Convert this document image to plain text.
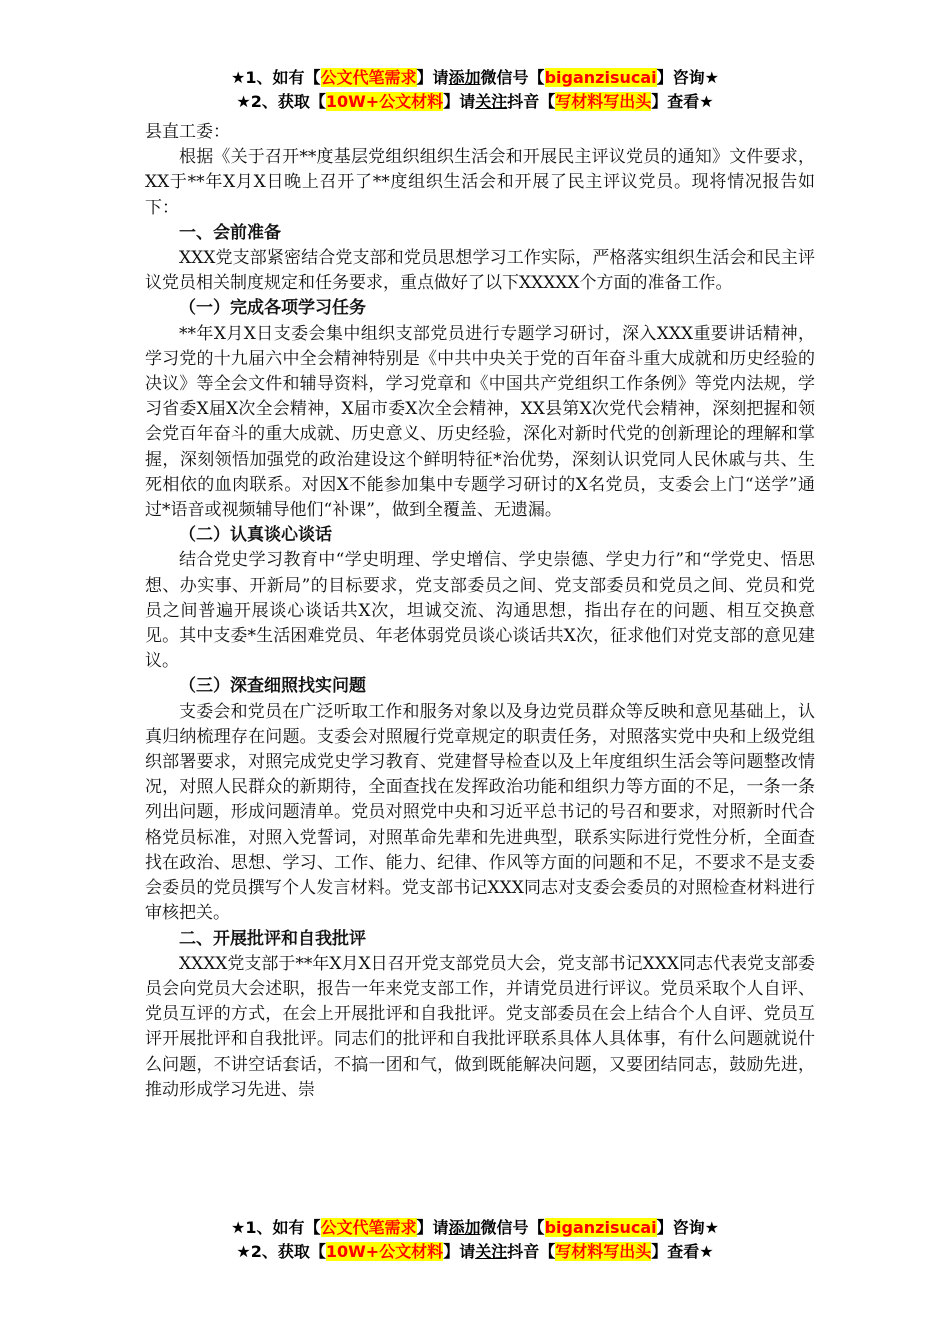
★1、如有【公文代笔需求】请添加微信号【biganzisucai】咨询★
★2、获取【10W+公文材料】请关注抖音【写材料写出头】查看★

县直工委：

根据《关于召开**度基层党组织组织生活会和开展民主评议党员的通知》文件要求，XX于**年X月X日晚上召开了**度组织生活会和开展了民主评议党员。现将情况报告如下：

一、会前准备

XXX党支部紧密结合党支部和党员思想学习工作实际，严格落实组织生活会和民主评议党员相关制度规定和任务要求，重点做好了以下XXXXX个方面的准备工作。

（一）完成各项学习任务

**年X月X日支委会集中组织支部党员进行专题学习研讨，深入XXX重要讲话精神，学习党的十九届六中全会精神特别是《中共中央关于党的百年奋斗重大成就和历史经验的决议》等全会文件和辅导资料，学习党章和《中国共产党组织工作条例》等党内法规，学习省委X届X次全会精神，X届市委X次全会精神，XX县第X次党代会精神，深刻把握和领会党百年奋斗的重大成就、历史意义、历史经验，深化对新时代党的创新理论的理解和掌握，深刻领悟加强党的政治建设这个鲜明特征*治优势，深刻认识党同人民休戚与共、生死相依的血肉联系。对因X不能参加集中专题学习研讨的X名党员，支委会上门“送学”通过*语音或视频辅导他们“补课”，做到全覆盖、无遗漏。

（二）认真谈心谈话

结合党史学习教育中“学史明理、学史增信、学史崇德、学史力行”和“学党史、悟思想、办实事、开新局”的目标要求，党支部委员之间、党支部委员和党员之间、党员和党员之间普遍开展谈心谈话共X次，坦诚交流、沟通思想，指出存在的问题、相互交换意见。其中支委*生活困难党员、年老体弱党员谈心谈话共X次，征求他们对党支部的意见建议。

（三）深查细照找实问题

支委会和党员在广泛听取工作和服务对象以及身边党员群众等反映和意见基础上，认真归纳梳理存在问题。支委会对照履行党章规定的职责任务，对照落实党中央和上级党组织部署要求，对照完成党史学习教育、党建督导检查以及上年度组织生活会等问题整改情况，对照人民群众的新期待，全面查找在发挥政治功能和组织力等方面的不足，一条一条列出问题，形成问题清单。党员对照党中央和习近平总书记的号召和要求，对照新时代合格党员标准，对照入党誓词，对照革命先辈和先进典型，联系实际进行党性分析，全面查找在政治、思想、学习、工作、能力、纪律、作风等方面的问题和不足，不要求不是支委会委员的党员撰写个人发言材料。党支部书记XXX同志对支委会委员的对照检查材料进行审核把关。

二、开展批评和自我批评

XXXX党支部于**年X月X日召开党支部党员大会，党支部书记XXX同志代表党支部委员会向党员大会述职，报告一年来党支部工作，并请党员进行评议。党员采取个人自评、党员互评的方式，在会上开展批评和自我批评。党支部委员在会上结合个人自评、党员互评开展批评和自我批评。同志们的批评和自我批评联系具体人具体事，有什么问题就说什么问题，不讲空话套话，不搞一团和气，做到既能解决问题，又要团结同志，鼓励先进，推动形成学习先进、崇

★1、如有【公文代笔需求】请添加微信号【biganzisucai】咨询★
★2、获取【10W+公文材料】请关注抖音【写材料写出头】查看★
